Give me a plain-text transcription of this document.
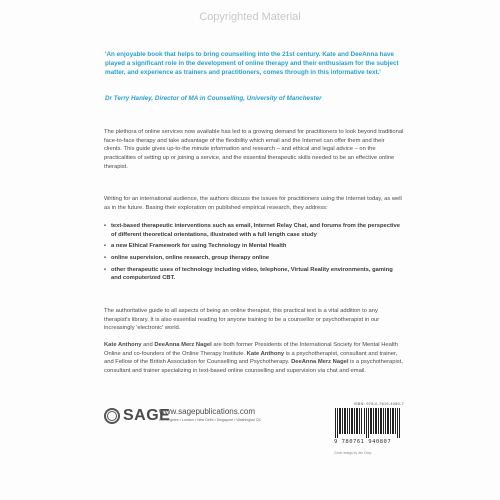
Copyrighted Material
'An enjoyable book that helps to bring counselling into the 21st century. Kate and DeeAnna have played a significant role in the development of online therapy and their enthusiasm for the subject matter, and experience as trainers and practitioners, comes through in this informative text.'
Dr Terry Hanley, Director of MA in Counselling, University of Manchester
The plethora of online services now available has led to a growing demand for practitioners to look beyond traditional face-to-face therapy and take advantage of the flexibility which email and the Internet can offer them and their clients. This guide gives up-to-the minute information and research – and ethical and legal advice – on the practicalities of setting up or joining a service, and the essential therapeutic skills needed to be an effective online therapist.
Writing for an international audience, the authors discuss the issues for practitioners using the Internet today, as well as in the future. Basing their exploration on published empirical research, they address:
• text-based therapeutic interventions such as email, Internet Relay Chat, and forums from the perspective of different theoretical orientations, illustrated with a full length case study
• a new Ethical Framework for using Technology in Mental Health
• online supervision, online research, group therapy online
• other therapeutic uses of technology including video, telephone, Virtual Reality environments, gaming and computerized CBT.
The authoritative guide to all aspects of being an online therapist, this practical text is a vital addition to any therapist's library. It is also essential reading for anyone training to be a counsellor or psychotherapist in our increasingly 'electronic' world.
Kate Anthony and DeeAnna Merz Nagel are both former Presidents of the International Society for Mental Health Online and co-founders of the Online Therapy Institute. Kate Anthony is a psychotherapist, consultant and trainer, and Fellow of the British Association for Counselling and Psychotherapy. DeeAnna Merz Nagel is a psychotherapist, consultant and trainer specializing in text-based online counselling and supervision via chat and email.
SAGE
www.sagepublications.com
Los Angeles • London • New Delhi • Singapore • Washington DC
ISBN: 978-0-7619-4080-7
9 780761 940807
Cover design by Jen Crisp
